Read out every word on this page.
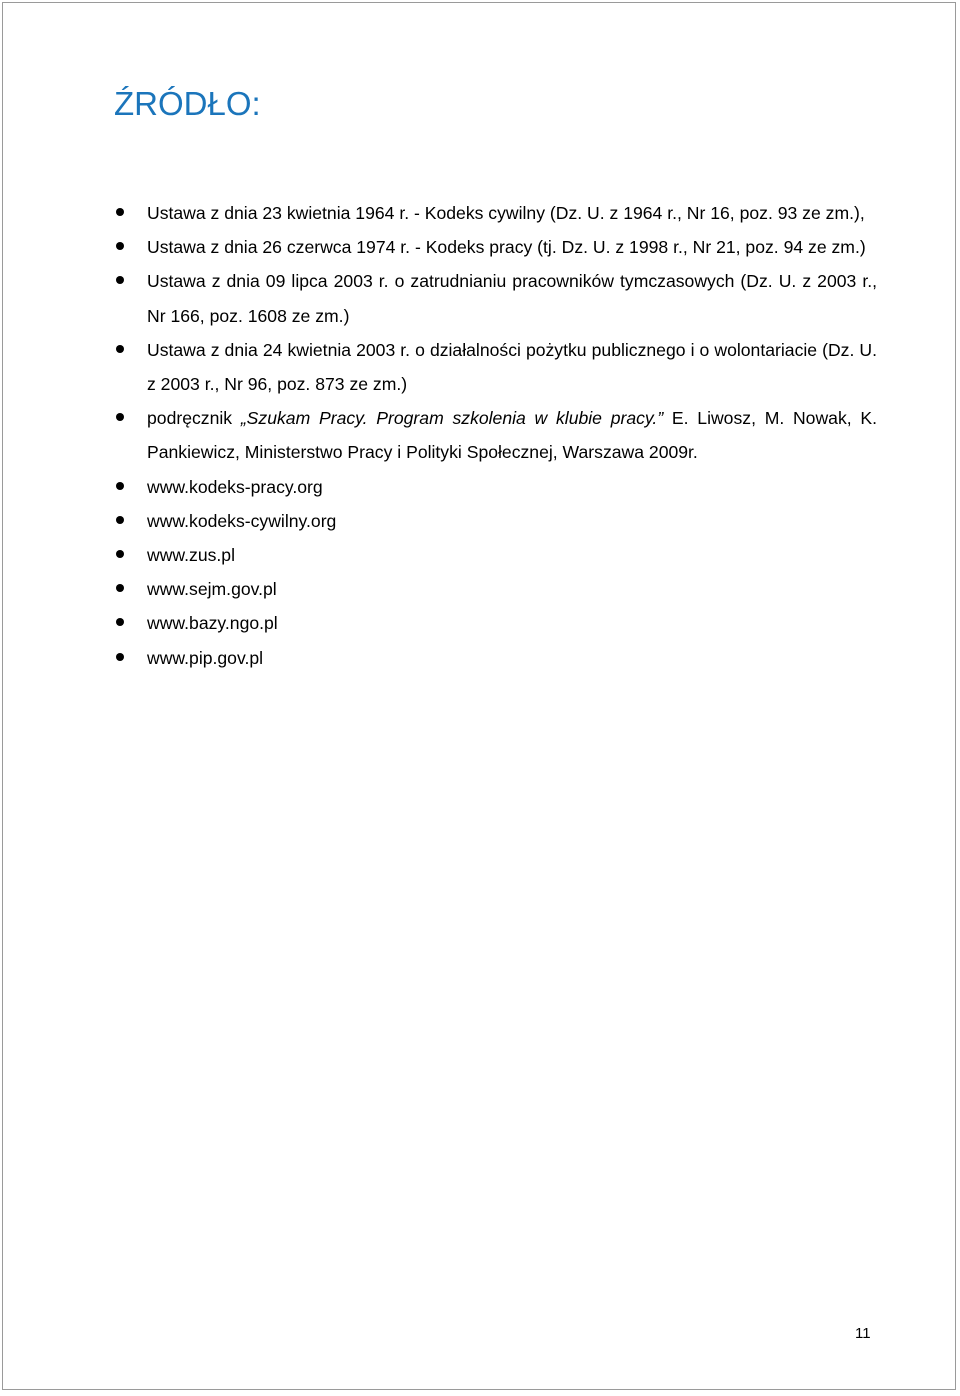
ŹRÓDŁO:
Ustawa z dnia 23 kwietnia 1964 r. - Kodeks cywilny (Dz. U. z 1964 r., Nr 16, poz. 93 ze zm.),
Ustawa z dnia 26 czerwca 1974 r. - Kodeks pracy (tj. Dz. U. z 1998 r., Nr 21, poz. 94 ze zm.)
Ustawa z dnia 09 lipca 2003 r. o zatrudnianiu pracowników tymczasowych (Dz. U. z 2003 r., Nr 166, poz. 1608 ze zm.)
Ustawa z dnia 24 kwietnia 2003 r. o działalności pożytku publicznego i o wolontariacie (Dz. U. z 2003 r., Nr 96, poz. 873 ze zm.)
podręcznik „Szukam Pracy. Program szkolenia w klubie pracy.” E. Liwosz, M. Nowak, K. Pankiewicz, Ministerstwo Pracy i Polityki Społecznej, Warszawa 2009r.
www.kodeks-pracy.org
www.kodeks-cywilny.org
www.zus.pl
www.sejm.gov.pl
www.bazy.ngo.pl
www.pip.gov.pl
11
